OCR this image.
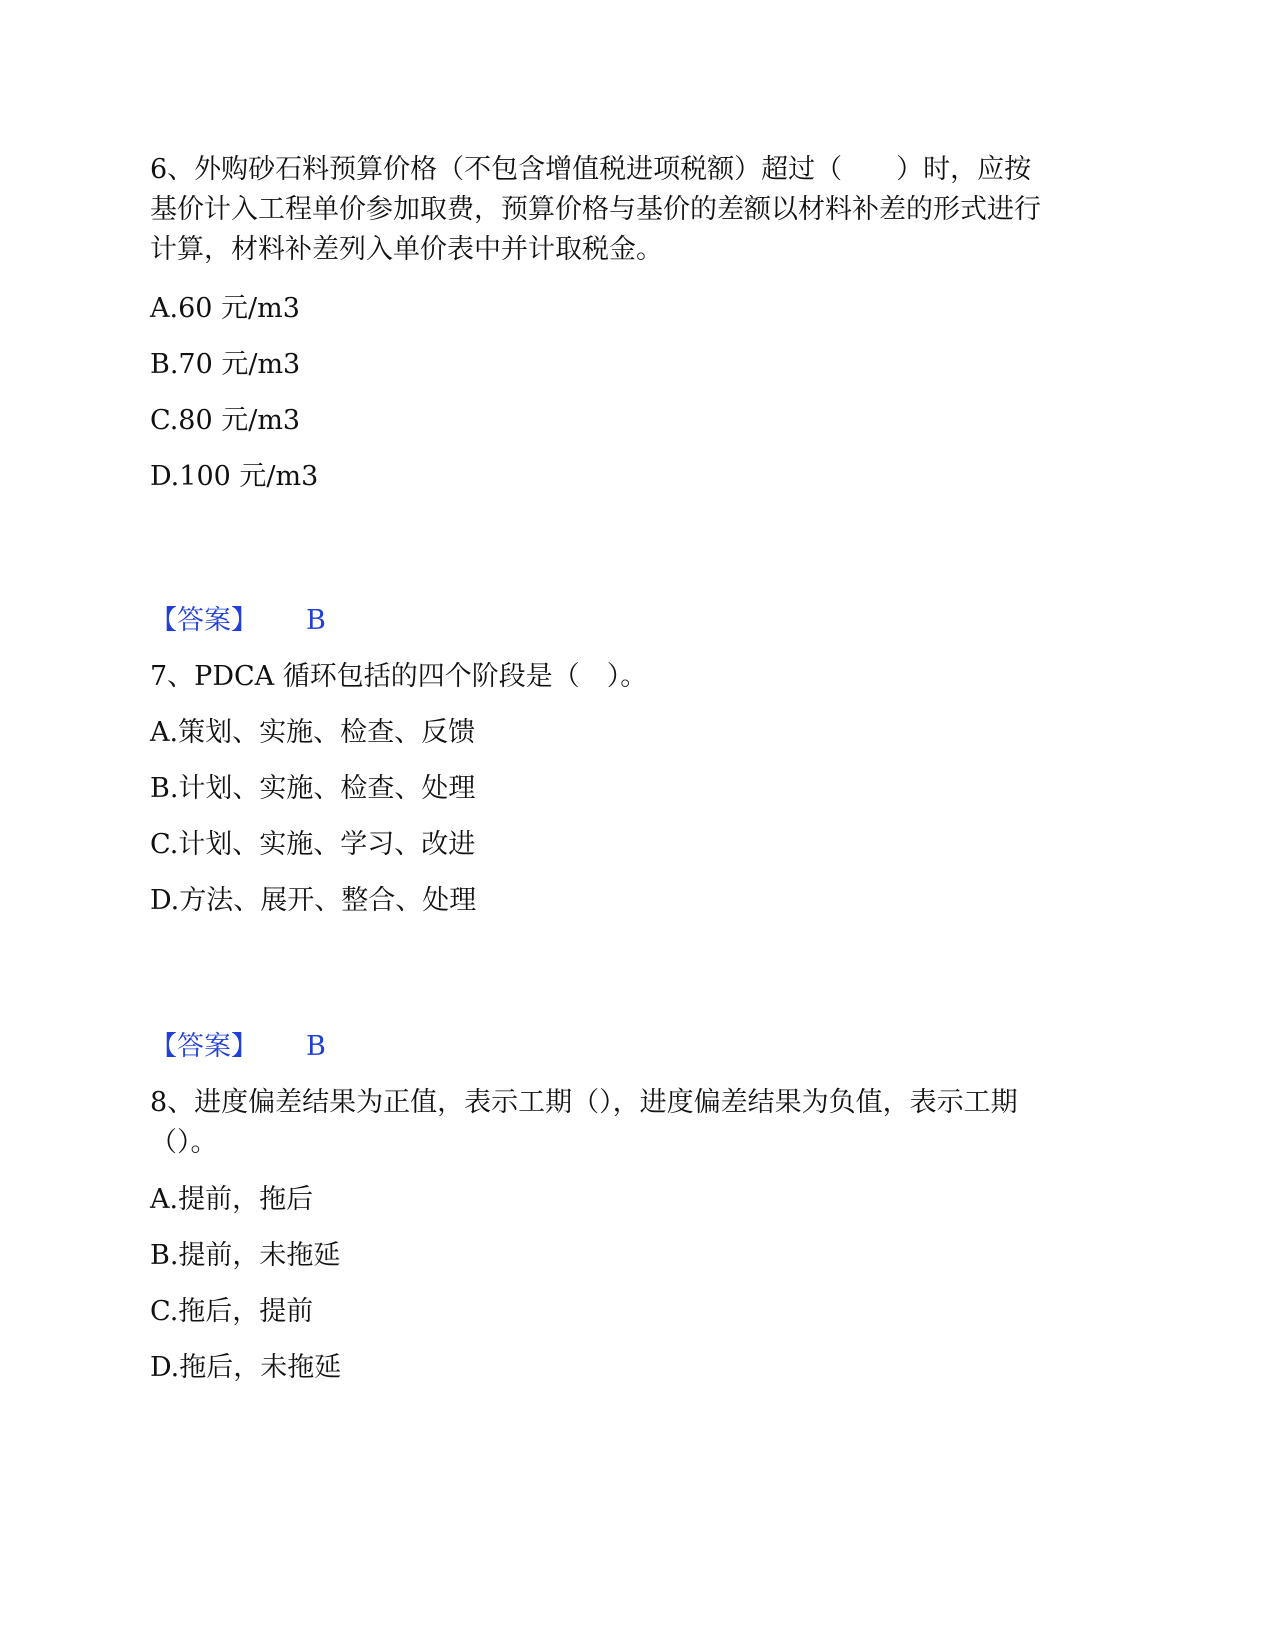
6、外购砂石料预算价格（不包含增值税进项税额）超过（　　）时，应按
基价计入工程单价参加取费，预算价格与基价的差额以材料补差的形式进行
计算，材料补差列入单价表中并计取税金。
A.60 元/m3
B.70 元/m3
C.80 元/m3
D.100 元/m3
【答案】 B
7、PDCA 循环包括的四个阶段是（　）。
A.策划、实施、检查、反馈
B.计划、实施、检查、处理
C.计划、实施、学习、改进
D.方法、展开、整合、处理
【答案】 B
8、进度偏差结果为正值，表示工期（），进度偏差结果为负值，表示工期
（）。
A.提前，拖后
B.提前，未拖延
C.拖后，提前
D.拖后，未拖延
